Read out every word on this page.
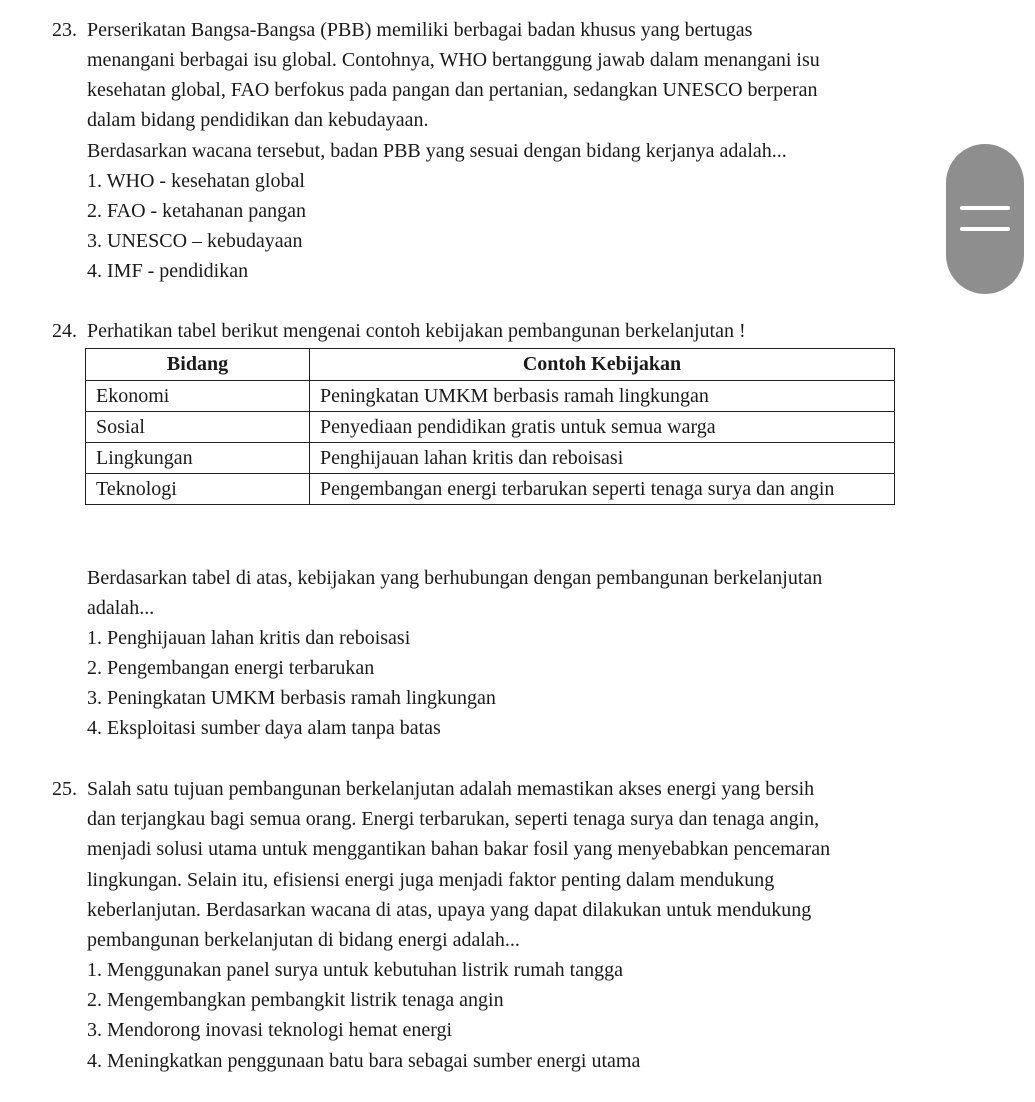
23. Perserikatan Bangsa-Bangsa (PBB) memiliki berbagai badan khusus yang bertugas
menangani berbagai isu global. Contohnya, WHO bertanggung jawab dalam menangani isu
kesehatan global, FAO berfokus pada pangan dan pertanian, sedangkan UNESCO berperan
dalam bidang pendidikan dan kebudayaan.
Berdasarkan wacana tersebut, badan PBB yang sesuai dengan bidang kerjanya adalah...
1. WHO - kesehatan global
2. FAO - ketahanan pangan
3. UNESCO – kebudayaan
4. IMF - pendidikan
24. Perhatikan tabel berikut mengenai contoh kebijakan pembangunan berkelanjutan !
Bidang	Contoh Kebijakan
Ekonomi	Peningkatan UMKM berbasis ramah lingkungan
Sosial	Penyediaan pendidikan gratis untuk semua warga
Lingkungan	Penghijauan lahan kritis dan reboisasi
Teknologi	Pengembangan energi terbarukan seperti tenaga surya dan angin
Berdasarkan tabel di atas, kebijakan yang berhubungan dengan pembangunan berkelanjutan
adalah...
1. Penghijauan lahan kritis dan reboisasi
2. Pengembangan energi terbarukan
3. Peningkatan UMKM berbasis ramah lingkungan
4. Eksploitasi sumber daya alam tanpa batas
25. Salah satu tujuan pembangunan berkelanjutan adalah memastikan akses energi yang bersih
dan terjangkau bagi semua orang. Energi terbarukan, seperti tenaga surya dan tenaga angin,
menjadi solusi utama untuk menggantikan bahan bakar fosil yang menyebabkan pencemaran
lingkungan. Selain itu, efisiensi energi juga menjadi faktor penting dalam mendukung
keberlanjutan. Berdasarkan wacana di atas, upaya yang dapat dilakukan untuk mendukung
pembangunan berkelanjutan di bidang energi adalah...
1. Menggunakan panel surya untuk kebutuhan listrik rumah tangga
2. Mengembangkan pembangkit listrik tenaga angin
3. Mendorong inovasi teknologi hemat energi
4. Meningkatkan penggunaan batu bara sebagai sumber energi utama
